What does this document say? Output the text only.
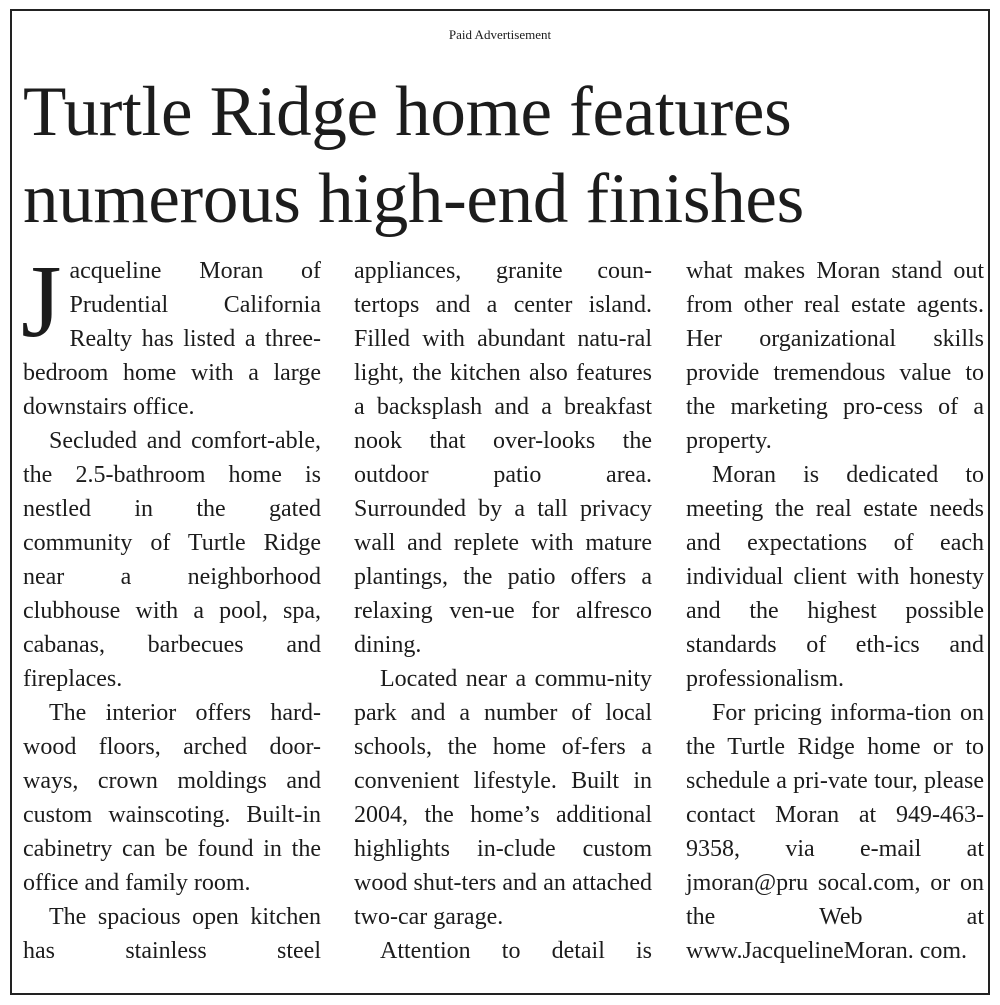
Paid Advertisement
Turtle Ridge home features
numerous high-end finishes

Jacqueline Moran of Prudential California Realty has listed a three-bedroom home with a large downstairs office.

Secluded and comfort-able, the 2.5-bathroom home is nestled in the gated community of Turtle Ridge near a neighborhood clubhouse with a pool, spa, cabanas, barbecues and fireplaces.

The interior offers hard-wood floors, arched door-ways, crown moldings and custom wainscoting. Built-in cabinetry can be found in the office and family room.

The spacious open kitchen has stainless steel

appliances, granite coun-tertops and a center island. Filled with abundant natu-ral light, the kitchen also features a backsplash and a breakfast nook that over-looks the outdoor patio area. Surrounded by a tall privacy wall and replete with mature plantings, the patio offers a relaxing ven-ue for alfresco dining.

Located near a commu-nity park and a number of local schools, the home of-fers a convenient lifestyle. Built in 2004, the home’s additional highlights in-clude custom wood shut-ters and an attached two-car garage.

Attention to detail is

what makes Moran stand out from other real estate agents. Her organizational skills provide tremendous value to the marketing pro-cess of a property.

Moran is dedicated to meeting the real estate needs and expectations of each individual client with honesty and the highest possible standards of eth-ics and professionalism.

For pricing informa-tion on the Turtle Ridge home or to schedule a pri-vate tour, please contact Moran at 949-463-9358, via e-mail at jmoran@pru socal.com, or on the Web at www.JacquelineMoran. com.
